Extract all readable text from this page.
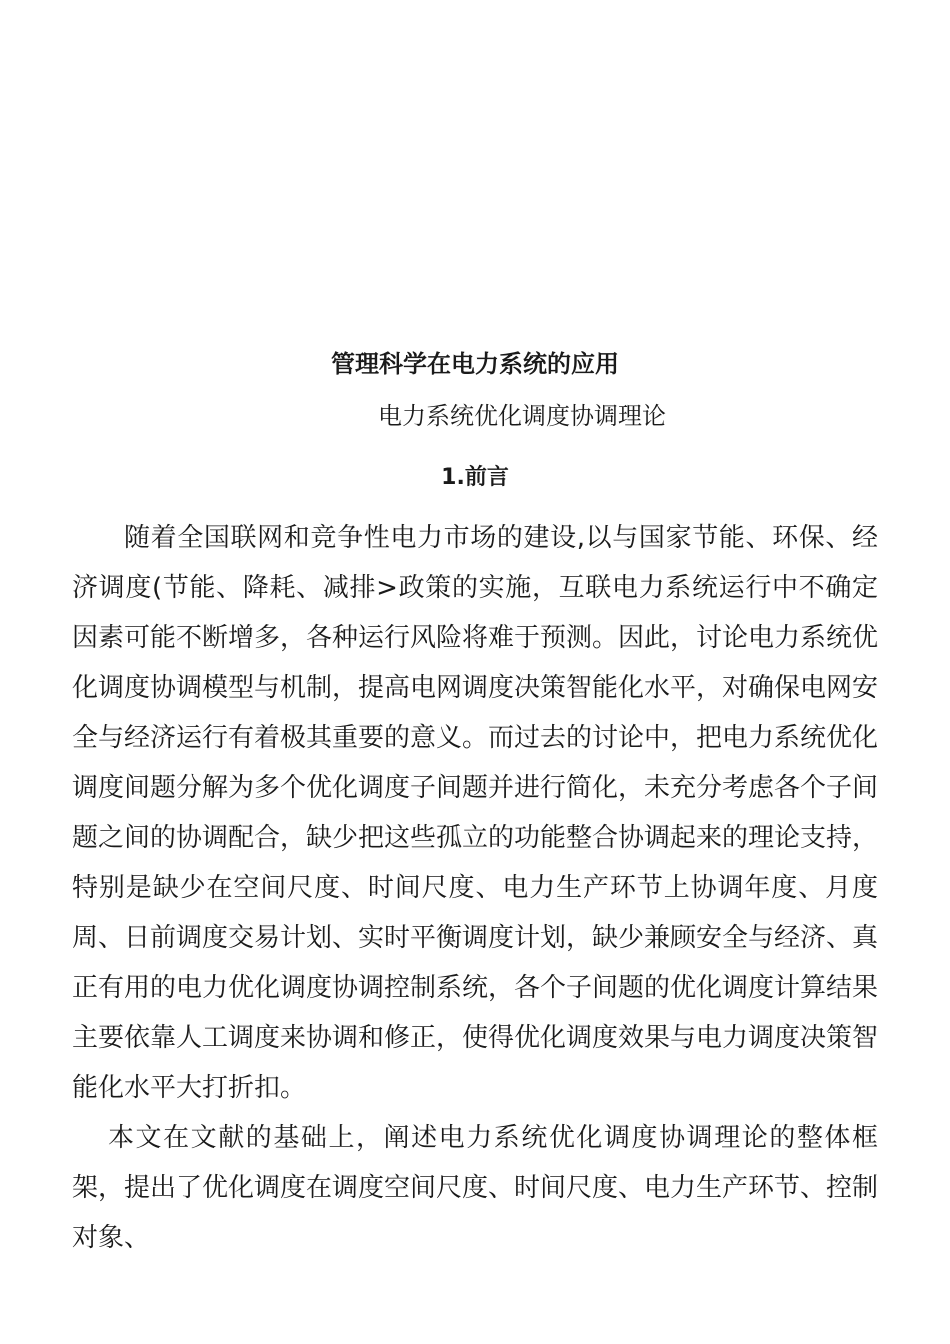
管理科学在电力系统的应用
电力系统优化调度协调理论
1.前言

随着全国联网和竞争性电力市场的建设,以与国家节能、环保、经济调度(节能、降耗、减排>政策的实施，互联电力系统运行中不确定因素可能不断增多，各种运行风险将难于预测。因此，讨论电力系统优化调度协调模型与机制，提高电网调度决策智能化水平，对确保电网安全与经济运行有着极其重要的意义。而过去的讨论中，把电力系统优化调度间题分解为多个优化调度子间题并进行简化，未充分考虑各个子间题之间的协调配合，缺少把这些孤立的功能整合协调起来的理论支持，特别是缺少在空间尺度、时间尺度、电力生产环节上协调年度、月度周、日前调度交易计划、实时平衡调度计划，缺少兼顾安全与经济、真正有用的电力优化调度协调控制系统，各个子间题的优化调度计算结果主要依靠人工调度来协调和修正，使得优化调度效果与电力调度决策智能化水平大打折扣。

本文在文献的基础上，阐述电力系统优化调度协调理论的整体框架，提出了优化调度在调度空间尺度、时间尺度、电力生产环节、控制对象、
